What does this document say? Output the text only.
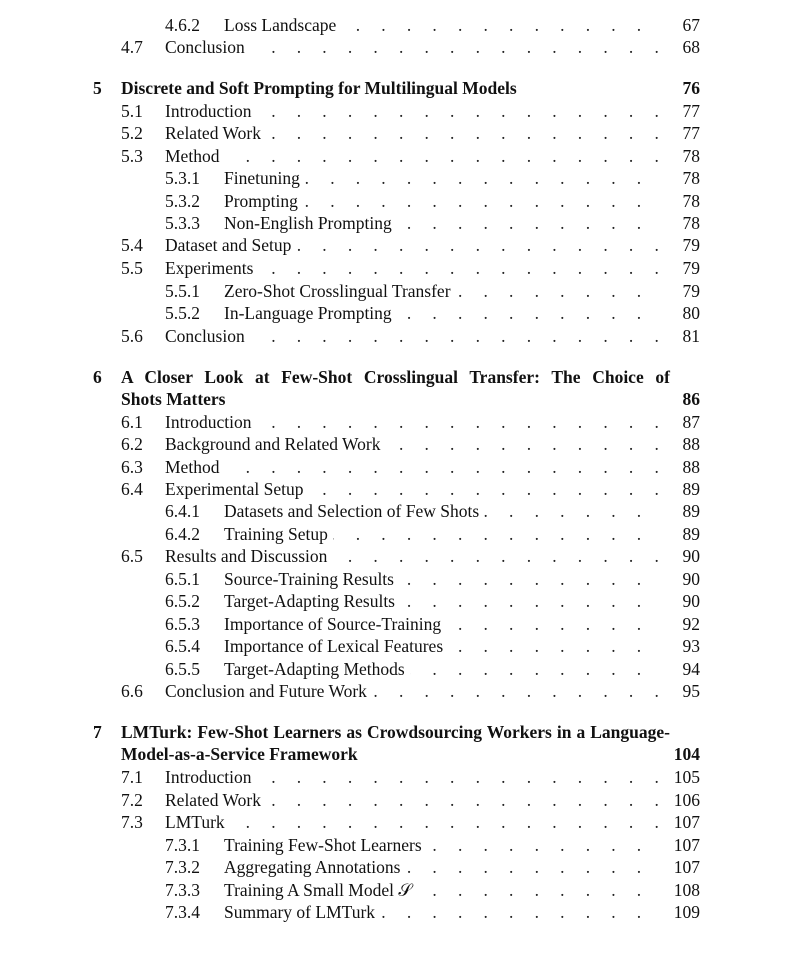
4.6.2 . . . Loss Landscape	67
4.7 . . . Conclusion	68
5 Discrete and Soft Prompting for Multilingual Models	76
5.1 . . . Introduction	77
5.2 . . . Related Work	77
5.3 . . . Method	78
5.3.1 . . . Finetuning	78
5.3.2 . . . Prompting	78
5.3.3 . . . Non-English Prompting	78
5.4 . . . Dataset and Setup	79
5.5 . . . Experiments	79
5.5.1 . . . Zero-Shot Crosslingual Transfer	79
5.5.2 . . . In-Language Prompting	80
5.6 . . . Conclusion	81
6 A Closer Look at Few-Shot Crosslingual Transfer: The Choice of
Shots Matters	86
6.1 . . . Introduction	87
6.2 . . . Background and Related Work	88
6.3 . . . Method	88
6.4 . . . Experimental Setup	89
6.4.1 . . . Datasets and Selection of Few Shots	89
6.4.2 . . . Training Setup	89
6.5 . . . Results and Discussion	90
6.5.1 . . . Source-Training Results	90
6.5.2 . . . Target-Adapting Results	90
6.5.3 . . . Importance of Source-Training	92
6.5.4 . . . Importance of Lexical Features	93
6.5.5 . . . Target-Adapting Methods	94
6.6 . . . Conclusion and Future Work	95
7 LMTurk: Few-Shot Learners as Crowdsourcing Workers in a Language-
Model-as-a-Service Framework	104
7.1 . . . Introduction	105
7.2 . . . Related Work	106
7.3 . . . LMTurk	107
7.3.1 . . . Training Few-Shot Learners	107
7.3.2 . . . Aggregating Annotations	107
7.3.3 . . . Training A Small Model 𝒮	108
7.3.4 . . . Summary of LMTurk	109
